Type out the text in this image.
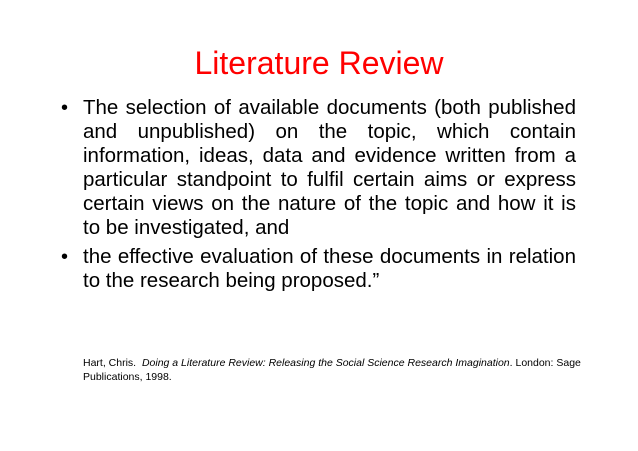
Literature Review
• The selection of available documents (both published and unpublished) on the topic, which contain information, ideas, data and evidence written from a particular standpoint to fulfil certain aims or express certain views on the nature of the topic and how it is to be investigated, and
• the effective evaluation of these documents in relation to the research being proposed.”
Hart, Chris. Doing a Literature Review: Releasing the Social Science Research Imagination. London: Sage Publications, 1998.
